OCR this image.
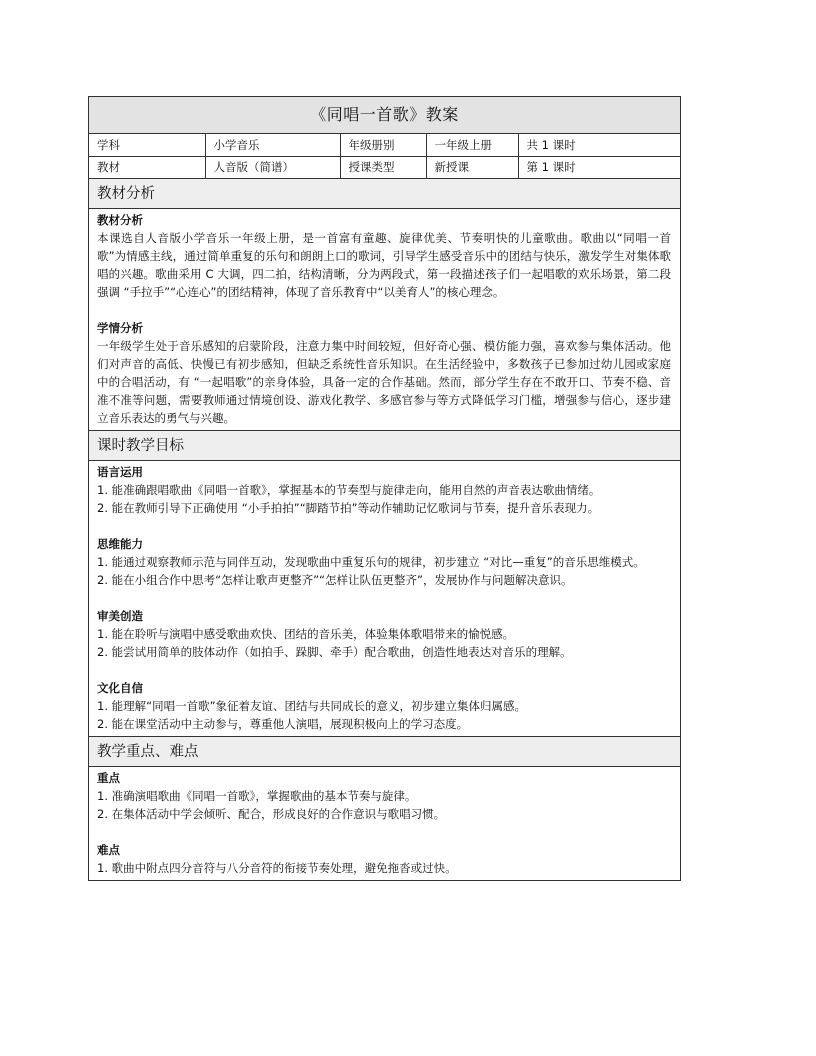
《同唱一首歌》教案
学科	小学音乐	年级册别	一年级上册	共 1 课时
教材	人音版（简谱）	授课类型	新授课	第 1 课时
教材分析
教材分析
本课选自人音版小学音乐一年级上册，是一首富有童趣、旋律优美、节奏明快的儿童歌曲。歌曲以“同唱一首歌”为情感主线，通过简单重复的乐句和朗朗上口的歌词，引导学生感受音乐中的团结与快乐，激发学生对集体歌唱的兴趣。歌曲采用 C 大调，四二拍，结构清晰，分为两段式，第一段描述孩子们一起唱歌的欢乐场景，第二段强调 “手拉手”“心连心”的团结精神，体现了音乐教育中“以美育人”的核心理念。
学情分析
一年级学生处于音乐感知的启蒙阶段，注意力集中时间较短，但好奇心强、模仿能力强，喜欢参与集体活动。他们对声音的高低、快慢已有初步感知，但缺乏系统性音乐知识。在生活经验中，多数孩子已参加过幼儿园或家庭中的合唱活动，有 “一起唱歌”的亲身体验，具备一定的合作基础。然而，部分学生存在不敢开口、节奏不稳、音准不准等问题，需要教师通过情境创设、游戏化教学、多感官参与等方式降低学习门槛，增强参与信心，逐步建立音乐表达的勇气与兴趣。
课时教学目标
语言运用
1. 能准确跟唱歌曲《同唱一首歌》，掌握基本的节奏型与旋律走向，能用自然的声音表达歌曲情绪。
2. 能在教师引导下正确使用 “小手拍拍”“脚踏节拍”等动作辅助记忆歌词与节奏，提升音乐表现力。
思维能力
1. 能通过观察教师示范与同伴互动，发现歌曲中重复乐句的规律，初步建立 “对比—重复”的音乐思维模式。
2. 能在小组合作中思考“怎样让歌声更整齐”“怎样让队伍更整齐”，发展协作与问题解决意识。
审美创造
1. 能在聆听与演唱中感受歌曲欢快、团结的音乐美，体验集体歌唱带来的愉悦感。
2. 能尝试用简单的肢体动作（如拍手、跺脚、牵手）配合歌曲，创造性地表达对音乐的理解。
文化自信
1. 能理解“同唱一首歌”象征着友谊、团结与共同成长的意义，初步建立集体归属感。
2. 能在课堂活动中主动参与，尊重他人演唱，展现积极向上的学习态度。
教学重点、难点
重点
1. 准确演唱歌曲《同唱一首歌》，掌握歌曲的基本节奏与旋律。
2. 在集体活动中学会倾听、配合，形成良好的合作意识与歌唱习惯。
难点
1. 歌曲中附点四分音符与八分音符的衔接节奏处理，避免拖沓或过快。
